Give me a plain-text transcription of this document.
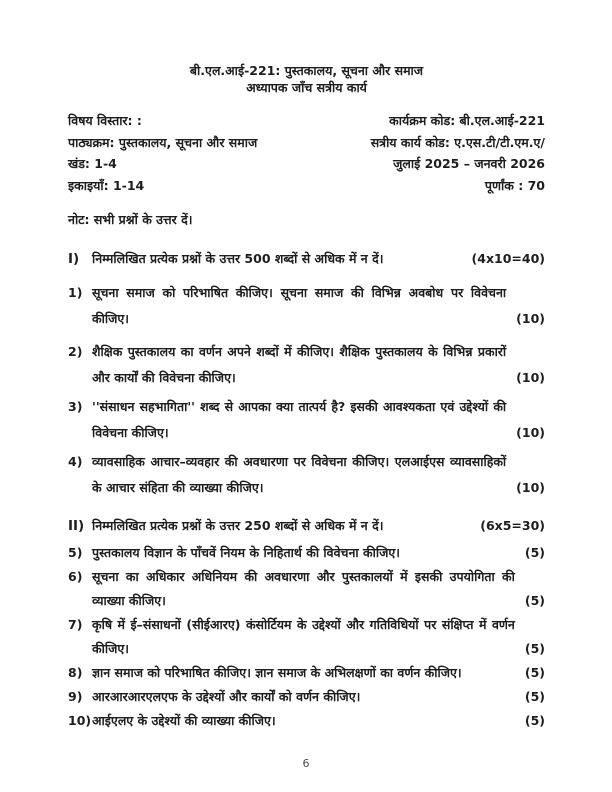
बी.एल.आई-221: पुस्तकालय, सूचना और समाज
अध्यापक जाँच सत्रीय कार्य
विषय विस्तार: :
पाठ्यक्रम: पुस्तकालय, सूचना और समाज
खंड: 1-4
इकाइयाँ: 1-14
कार्यक्रम कोड: बी.एल.आई-221
सत्रीय कार्य कोड: ए.एस.टी/टी.एम.ए/
जुलाई 2025 – जनवरी 2026
पूर्णांक : 70
नोट: सभी प्रश्नों के उत्तर दें।
I)	निम्मलिखित प्रत्येक प्रश्नों के उत्तर 500 शब्दों से अधिक में न दें।	(4x10=40)
1) सूचना समाज को परिभाषित कीजिए। सूचना समाज की विभिन्न अवबोध पर विवेचना कीजिए।	(10)
2) शैक्षिक पुस्तकालय का वर्णन अपने शब्दों में कीजिए। शैक्षिक पुस्तकालय के विभिन्न प्रकारों और कार्यों की विवेचना कीजिए।	(10)
3) ''संसाधन सहभागिता'' शब्द से आपका क्या तात्पर्य है? इसकी आवश्यकता एवं उद्देश्यों की विवेचना कीजिए।	(10)
4) व्यावसाहिक आचार–व्यवहार की अवधारणा पर विवेचना कीजिए। एलआईएस व्यावसाहिकों के आचार संहिता की व्याख्या कीजिए।	(10)
II) निम्मलिखित प्रत्येक प्रश्नों के उत्तर 250 शब्दों से अधिक में न दें।	(6x5=30)
5) पुस्तकालय विज्ञान के पाँचवें नियम के निहितार्थ की विवेचना कीजिए।	(5)
6) सूचना का अधिकार अधिनियम की अवधारणा और पुस्तकालयों में इसकी उपयोगिता की व्याख्या कीजिए।	(5)
7) कृषि में ई–संसाधनों (सीईआरए) कंसोर्टियम के उद्देश्यों और गतिविधियों पर संक्षिप्त में वर्णन कीजिए।	(5)
8) ज्ञान समाज को परिभाषित कीजिए। ज्ञान समाज के अभिलक्षणों का वर्णन कीजिए।	(5)
9) आरआरआरएलएफ के उद्देश्यों और कार्यों को वर्णन कीजिए।	(5)
10) आईएलए के उद्देश्यों की व्याख्या कीजिए।	(5)
6
